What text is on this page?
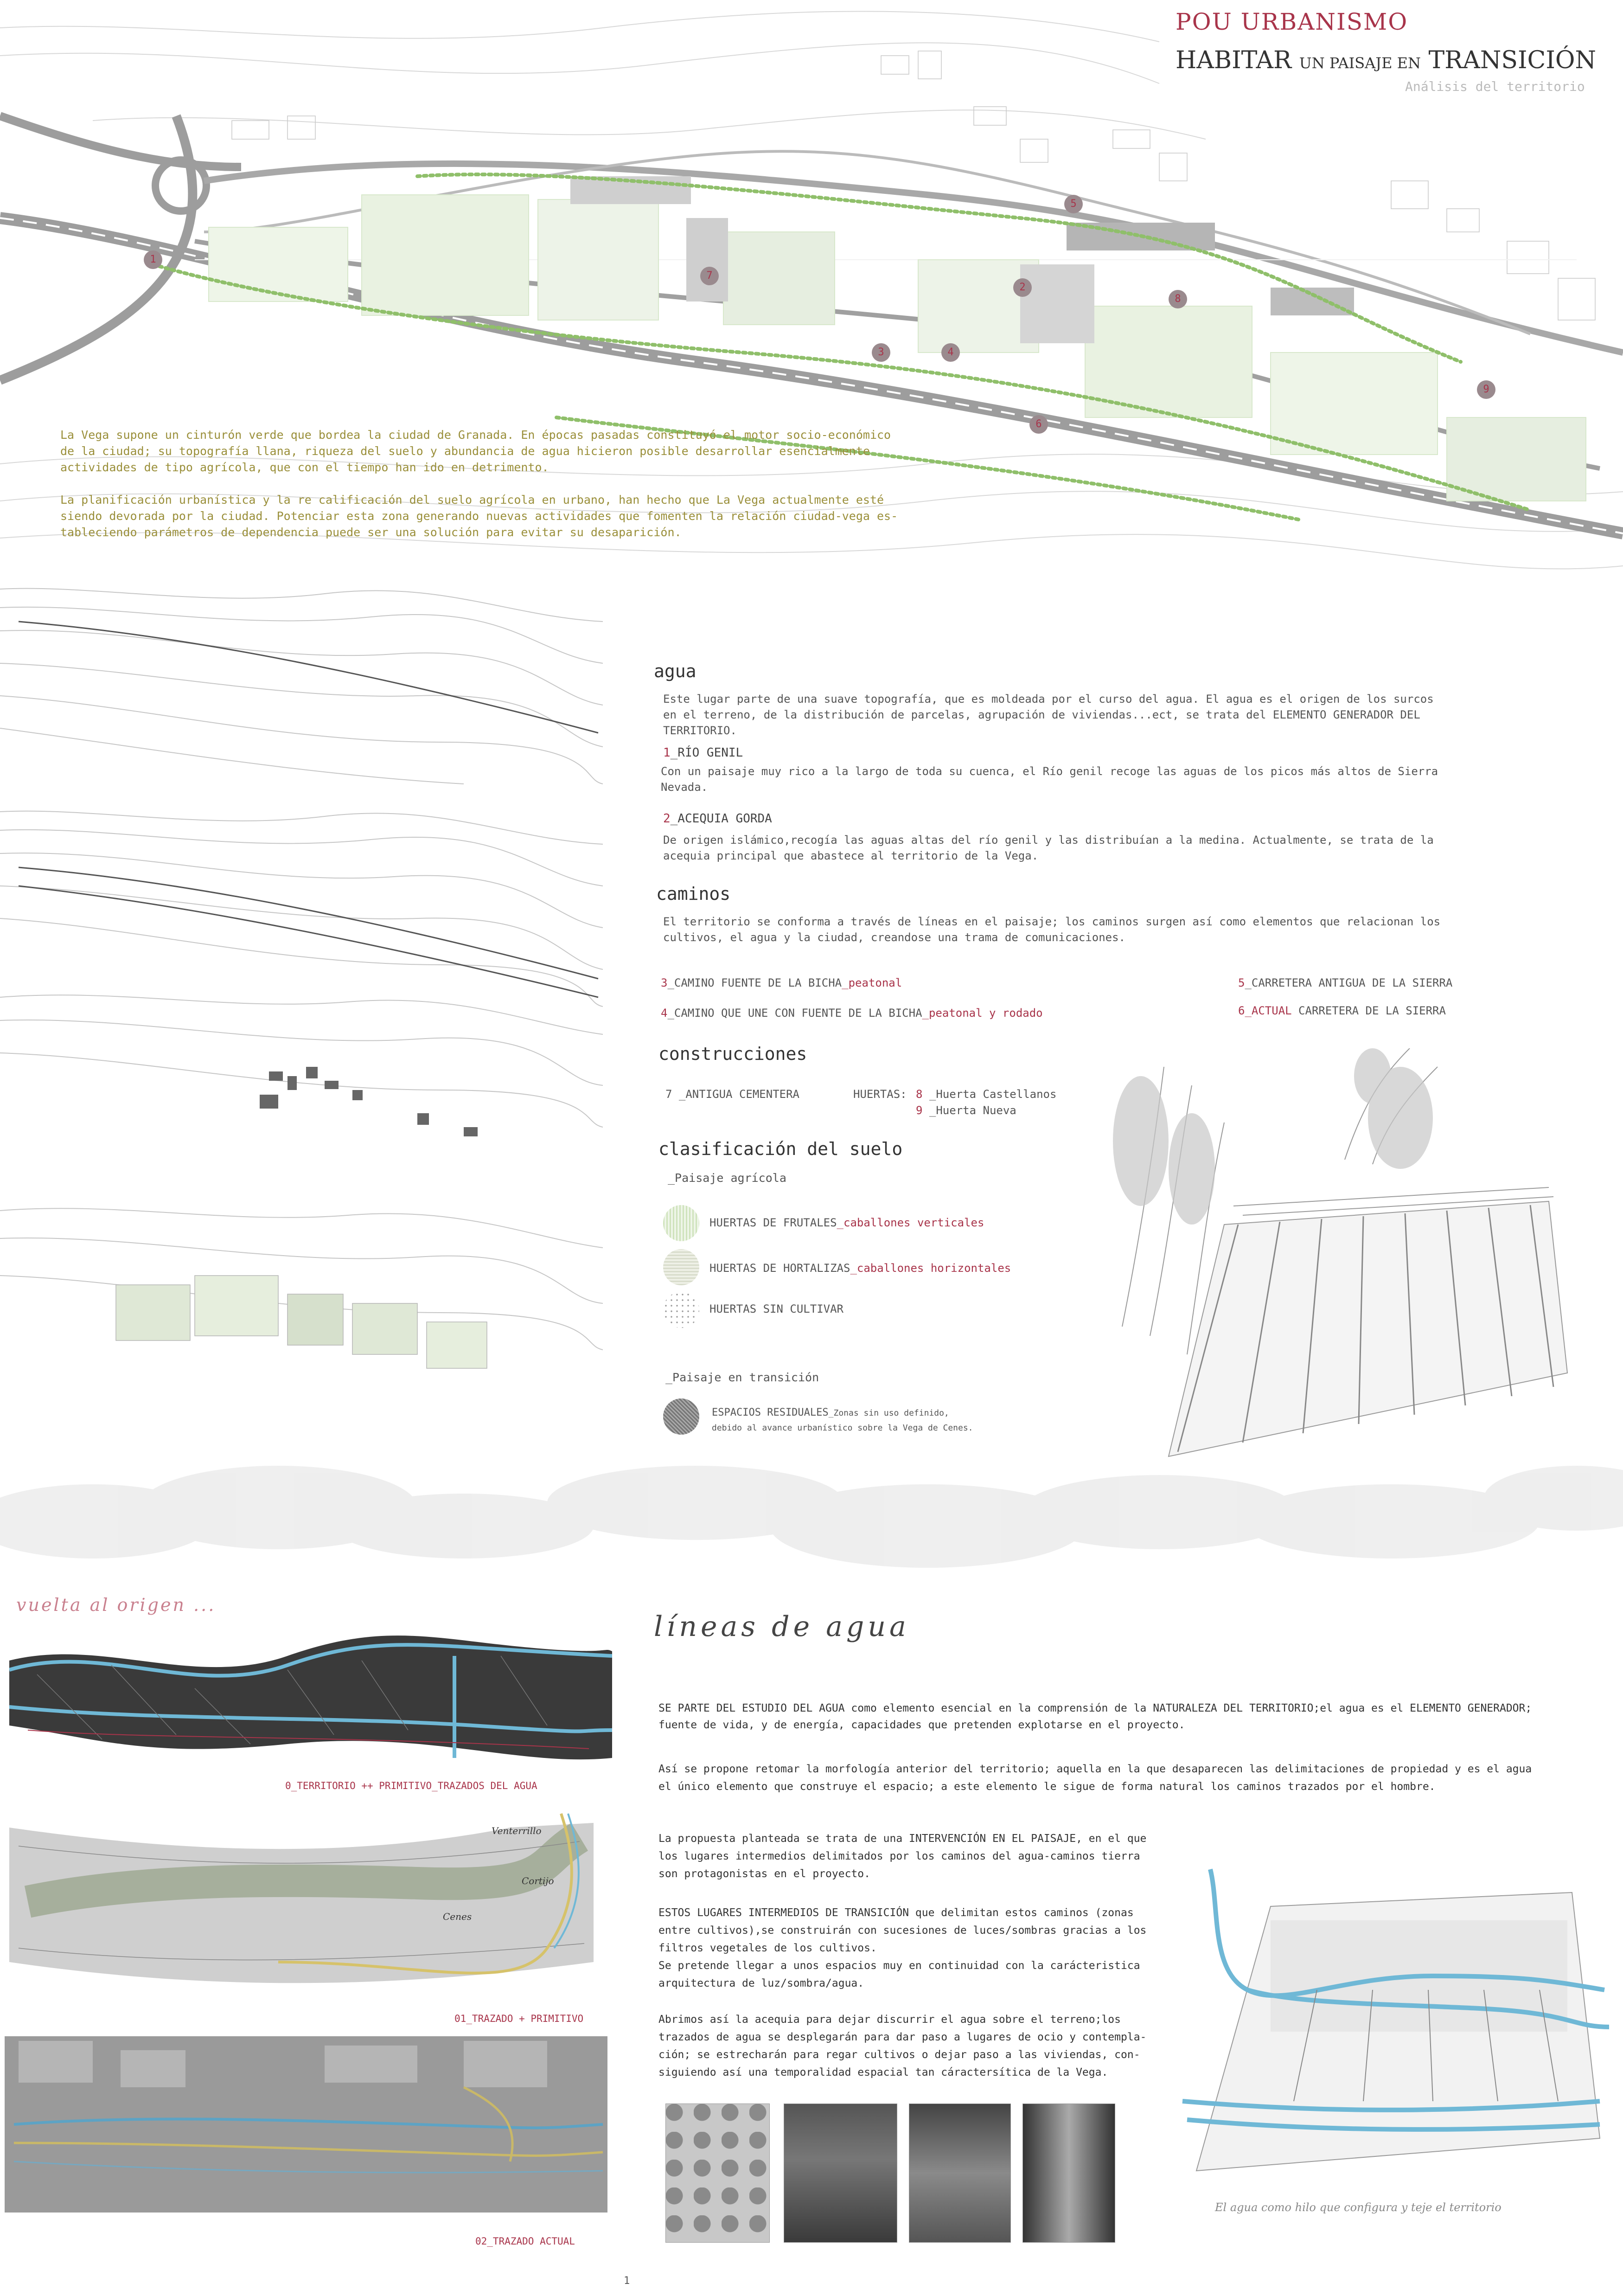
POU URBANISMO
HABITAR UN PAISAJE EN TRANSICIÓN
Análisis del territorio
1
2
3	4
5
6
7
8
9
La Vega supone un cinturón verde que bordea la ciudad de Granada. En épocas pasadas constituyó el motor socio-económico
de la ciudad; su topografía llana, riqueza del suelo y abundancia de agua hicieron posible desarrollar esencialmente
actividades de tipo agrícola, que con el tiempo han ido en detrimento.
La planificación urbanística y la re calificación del suelo agrícola en urbano, han hecho que La Vega actualmente esté
siendo devorada por la ciudad. Potenciar esta zona generando nuevas actividades que fomenten la relación ciudad-vega es-
tableciendo parámetros de dependencia puede ser una solución para evitar su desaparición.
agua
Este lugar parte de una suave topografía, que es moldeada por el curso del agua. El agua es el origen de los surcos
en el terreno, de la distribución de parcelas, agrupación de viviendas...ect, se trata del ELEMENTO GENERADOR DEL
TERRITORIO.
1_RÍO GENIL
Con un paisaje muy rico a la largo de toda su cuenca, el Río genil recoge las aguas de los picos más altos de Sierra
Nevada.
2_ACEQUIA GORDA
De origen islámico,recogía las aguas altas del río genil y las distribuían a la medina. Actualmente, se trata de la
acequia principal que abastece al territorio de la Vega.
caminos
El territorio se conforma a través de líneas en el paisaje; los caminos surgen así como elementos que relacionan los
cultivos, el agua y la ciudad, creandose una trama de comunicaciones.
3_CAMINO FUENTE DE LA BICHA_peatonal
4_CAMINO QUE UNE CON FUENTE DE LA BICHA_peatonal y rodado
5_CARRETERA ANTIGUA DE LA SIERRA
6_ACTUAL CARRETERA DE LA SIERRA
construcciones
7 _ANTIGUA CEMENTERA	HUERTAS: 8 _Huerta Castellanos
9 _Huerta Nueva
clasificación del suelo
_Paisaje agrícola
HUERTAS DE FRUTALES_caballones verticales
HUERTAS DE HORTALIZAS_caballones horizontales
HUERTAS SIN CULTIVAR
_Paisaje en transición
ESPACIOS RESIDUALES_Zonas sin uso definido,
debido al avance urbanístico sobre la Vega de Cenes.
vuelta al origen ...
líneas de agua
0_TERRITORIO ++ PRIMITIVO_TRAZADOS DEL AGUA
Venterrillo
Cenes
Cortijo
01_TRAZADO + PRIMITIVO
02_TRAZADO ACTUAL
SE PARTE DEL ESTUDIO DEL AGUA como elemento esencial en la comprensión de la NATURALEZA DEL TERRITORIO;el agua es el ELEMENTO GENERADOR;
fuente de vida, y de energía, capacidades que pretenden explotarse en el proyecto.
Así se propone retomar la morfología anterior del territorio; aquella en la que desaparecen las delimitaciones de propiedad y es el agua
el único elemento que construye el espacio; a este elemento le sigue de forma natural los caminos trazados por el hombre.
La propuesta planteada se trata de una INTERVENCIÓN EN EL PAISAJE, en el que
los lugares intermedios delimitados por los caminos del agua-caminos tierra
son protagonistas en el proyecto.
ESTOS LUGARES INTERMEDIOS DE TRANSICIÓN que delimitan estos caminos (zonas
entre cultivos),se construirán con sucesiones de luces/sombras gracias a los
filtros vegetales de los cultivos.
Se pretende llegar a unos espacios muy en continuidad con la carácteristica
arquitectura de luz/sombra/agua.
Abrimos así la acequia para dejar discurrir el agua sobre el terreno;los
trazados de agua se desplegarán para dar paso a lugares de ocio y contempla-
ción; se estrecharán para regar cultivos o dejar paso a las viviendas, con-
siguiendo así una temporalidad espacial tan cáractersítica de la Vega.
El agua como hilo que configura y teje el territorio
1
